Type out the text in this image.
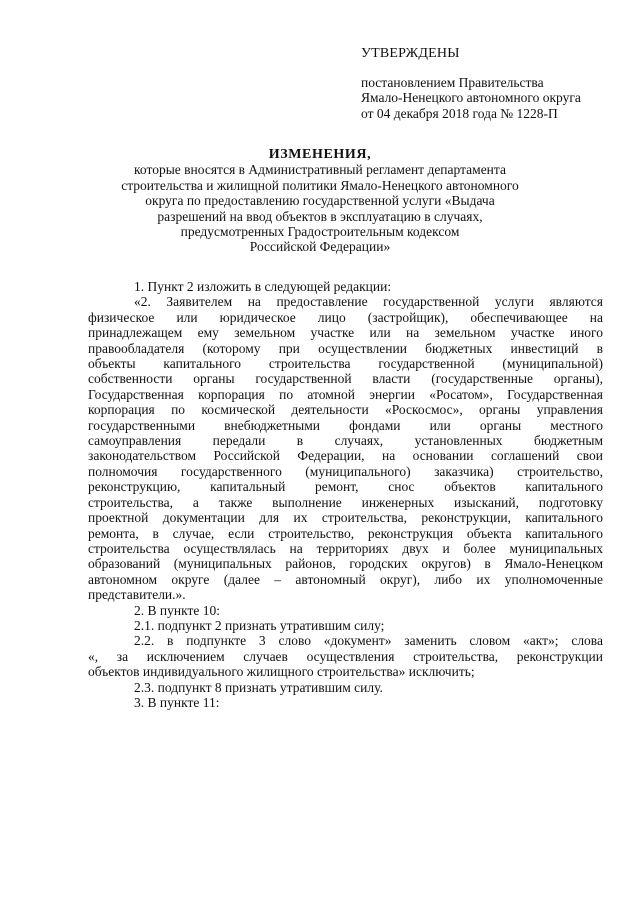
УТВЕРЖДЕНЫ

постановлением Правительства
Ямало-Ненецкого автономного округа
от 04 декабря 2018 года № 1228-П
ИЗМЕНЕНИЯ,
которые вносятся в Административный регламент департамента
строительства и жилищной политики Ямало-Ненецкого автономного
округа по предоставлению государственной услуги «Выдача
разрешений на ввод объектов в эксплуатацию в случаях,
предусмотренных Градостроительным кодексом
Российской Федерации»
1. Пункт 2 изложить в следующей редакции:
«2. Заявителем на предоставление государственной услуги являются
физическое или юридическое лицо (застройщик), обеспечивающее на
принадлежащем ему земельном участке или на земельном участке иного
правообладателя (которому при осуществлении бюджетных инвестиций в
объекты капитального строительства государственной (муниципальной)
собственности органы государственной власти (государственные органы),
Государственная корпорация по атомной энергии «Росатом», Государственная
корпорация по космической деятельности «Роскосмос», органы управления
государственными внебюджетными фондами или органы местного
самоуправления передали в случаях, установленных бюджетным
законодательством Российской Федерации, на основании соглашений свои
полномочия государственного (муниципального) заказчика) строительство,
реконструкцию, капитальный ремонт, снос объектов капитального
строительства, а также выполнение инженерных изысканий, подготовку
проектной документации для их строительства, реконструкции, капитального
ремонта, в случае, если строительство, реконструкция объекта капитального
строительства осуществлялась на территориях двух и более муниципальных
образований (муниципальных районов, городских округов) в Ямало-Ненецком
автономном округе (далее – автономный округ), либо их уполномоченные
представители.».
2. В пункте 10:
2.1. подпункт 2 признать утратившим силу;
2.2. в подпункте 3 слово «документ» заменить словом «акт»; слова
«, за исключением случаев осуществления строительства, реконструкции
объектов индивидуального жилищного строительства» исключить;
2.3. подпункт 8 признать утратившим силу.
3. В пункте 11:
